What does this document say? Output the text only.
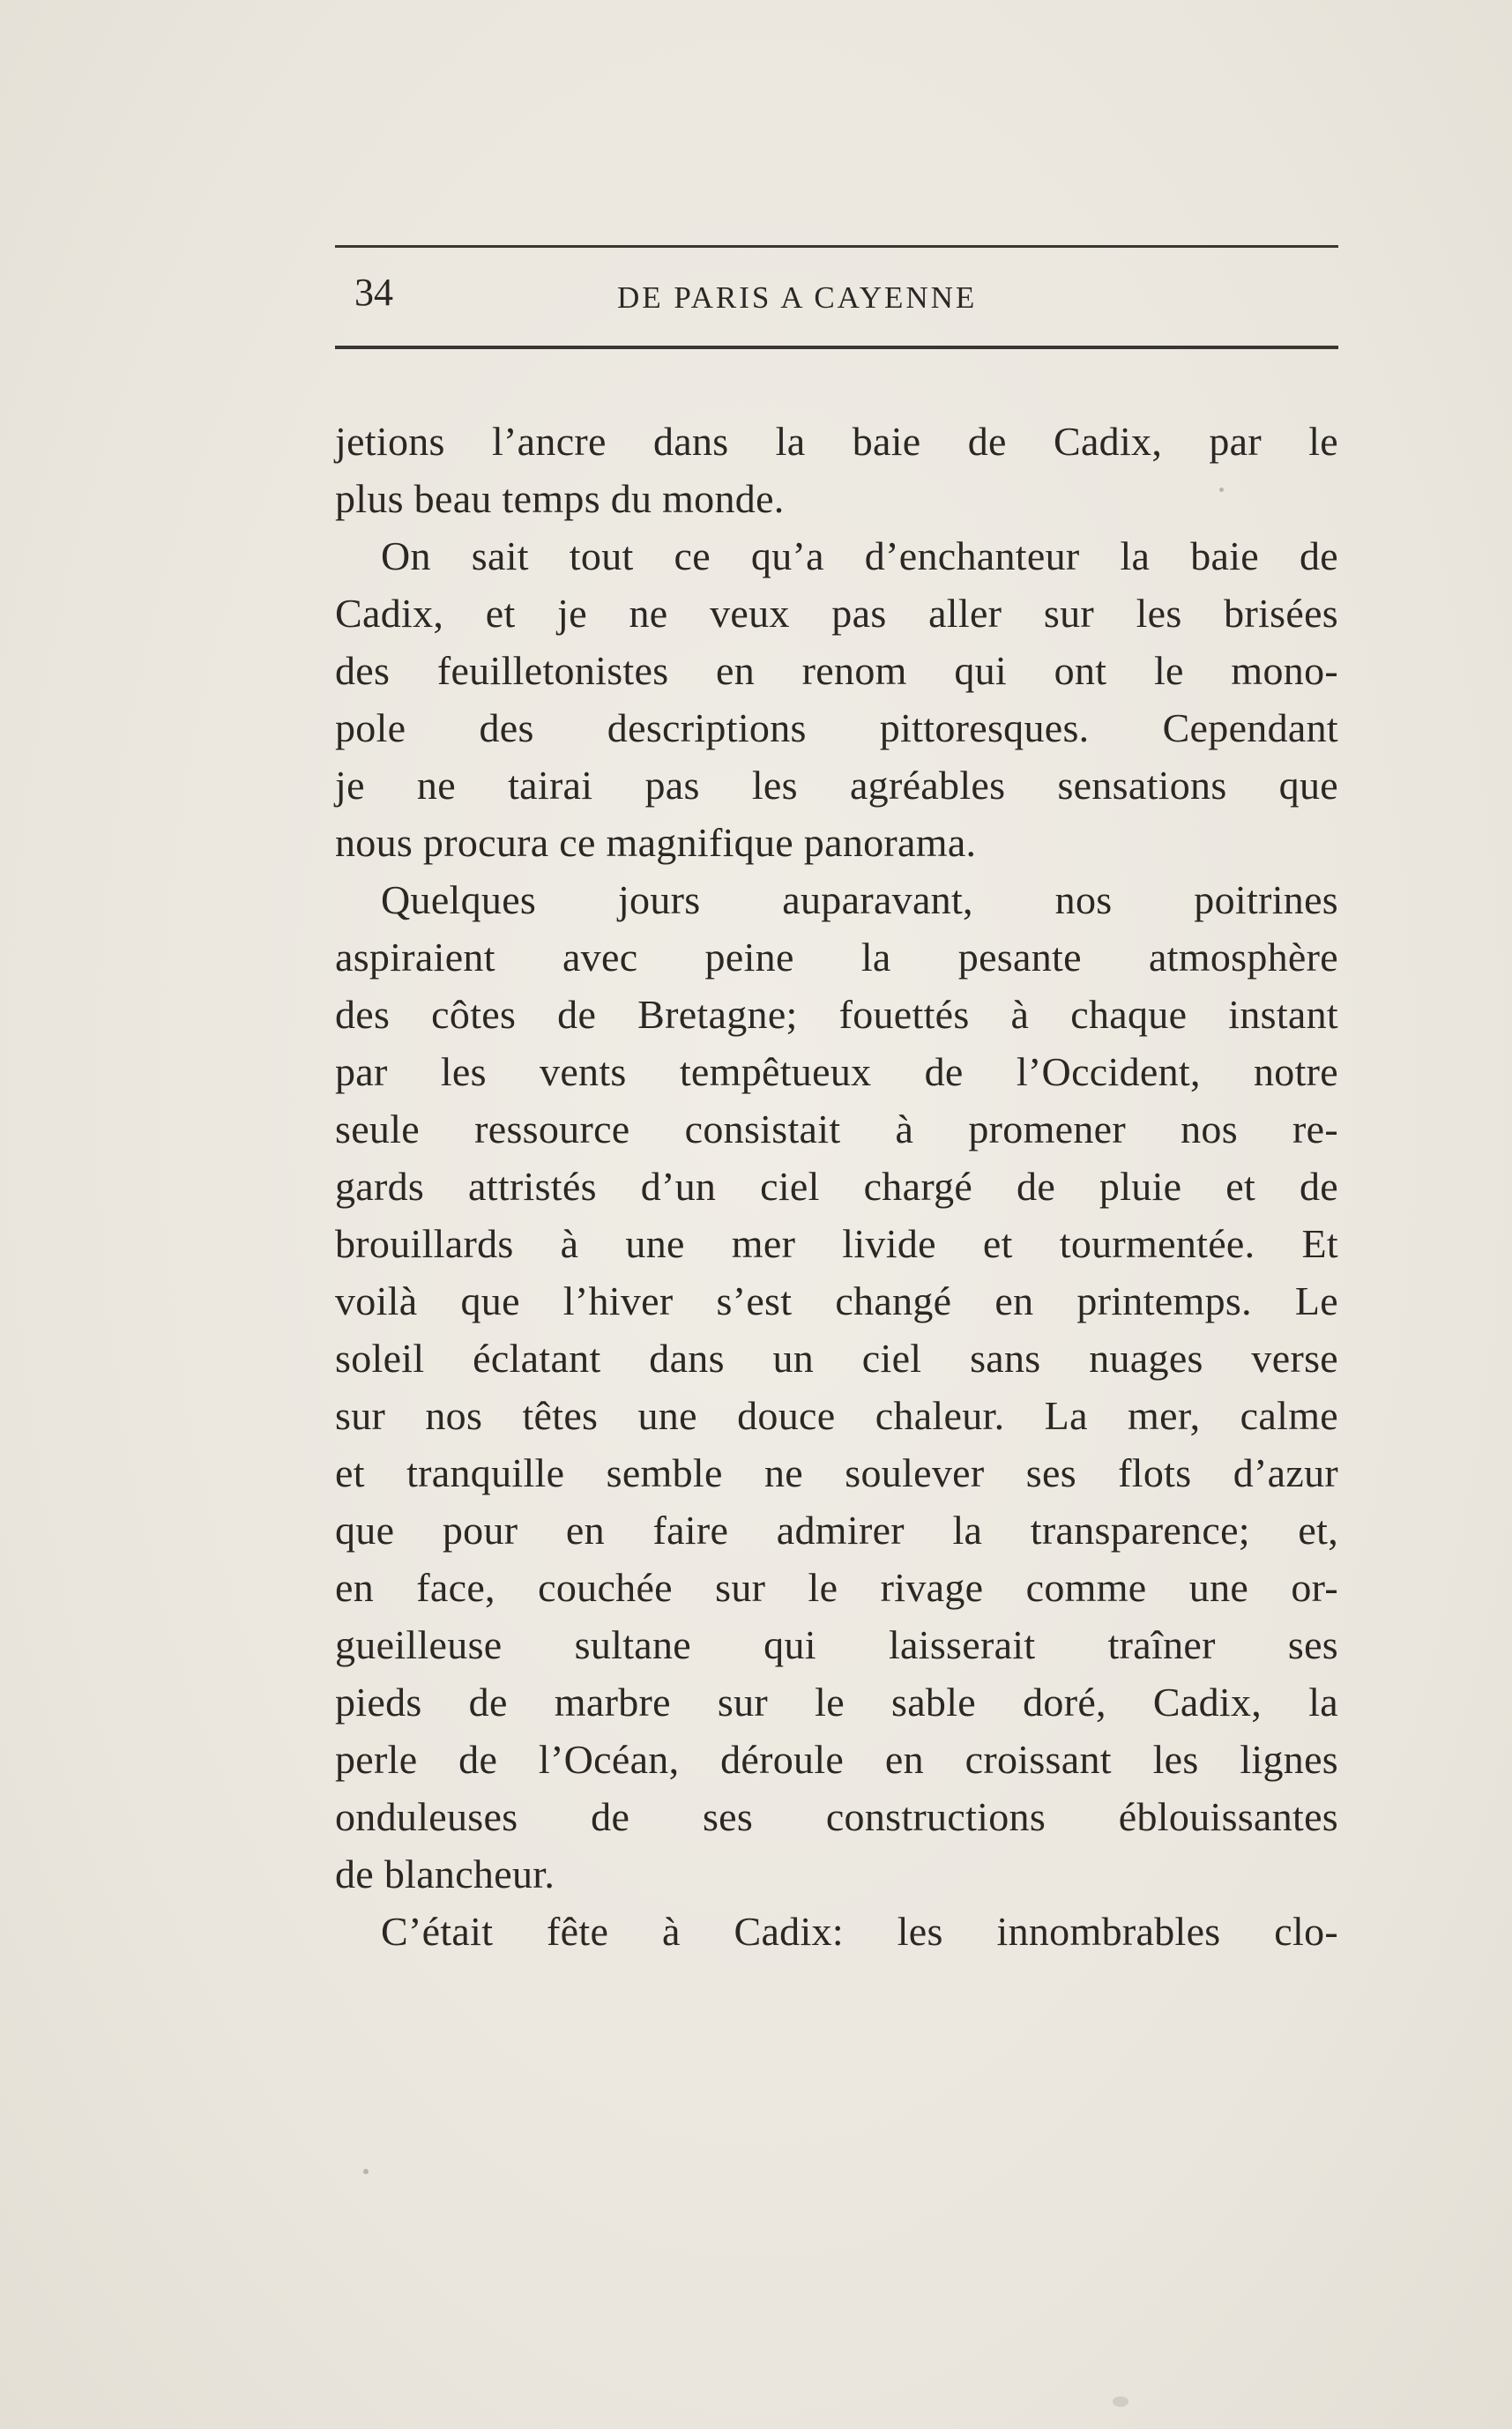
34	DE PARIS A CAYENNE
jetions l’ancre dans la baie de Cadix, par le
plus beau temps du monde.
On sait tout ce qu’a d’enchanteur la baie de
Cadix, et je ne veux pas aller sur les brisées
des feuilletonistes en renom qui ont le mono-
pole des descriptions pittoresques. Cependant
je ne tairai pas les agréables sensations que
nous procura ce magnifique panorama.
Quelques jours auparavant, nos poitrines
aspiraient avec peine la pesante atmosphère
des côtes de Bretagne; fouettés à chaque instant
par les vents tempêtueux de l’Occident, notre
seule ressource consistait à promener nos re-
gards attristés d’un ciel chargé de pluie et de
brouillards à une mer livide et tourmentée. Et
voilà que l’hiver s’est changé en printemps. Le
soleil éclatant dans un ciel sans nuages verse
sur nos têtes une douce chaleur. La mer, calme
et tranquille semble ne soulever ses flots d’azur
que pour en faire admirer la transparence; et,
en face, couchée sur le rivage comme une or-
gueilleuse sultane qui laisserait traîner ses
pieds de marbre sur le sable doré, Cadix, la
perle de l’Océan, déroule en croissant les lignes
onduleuses de ses constructions éblouissantes
de blancheur.
C’était fête à Cadix: les innombrables clo-
